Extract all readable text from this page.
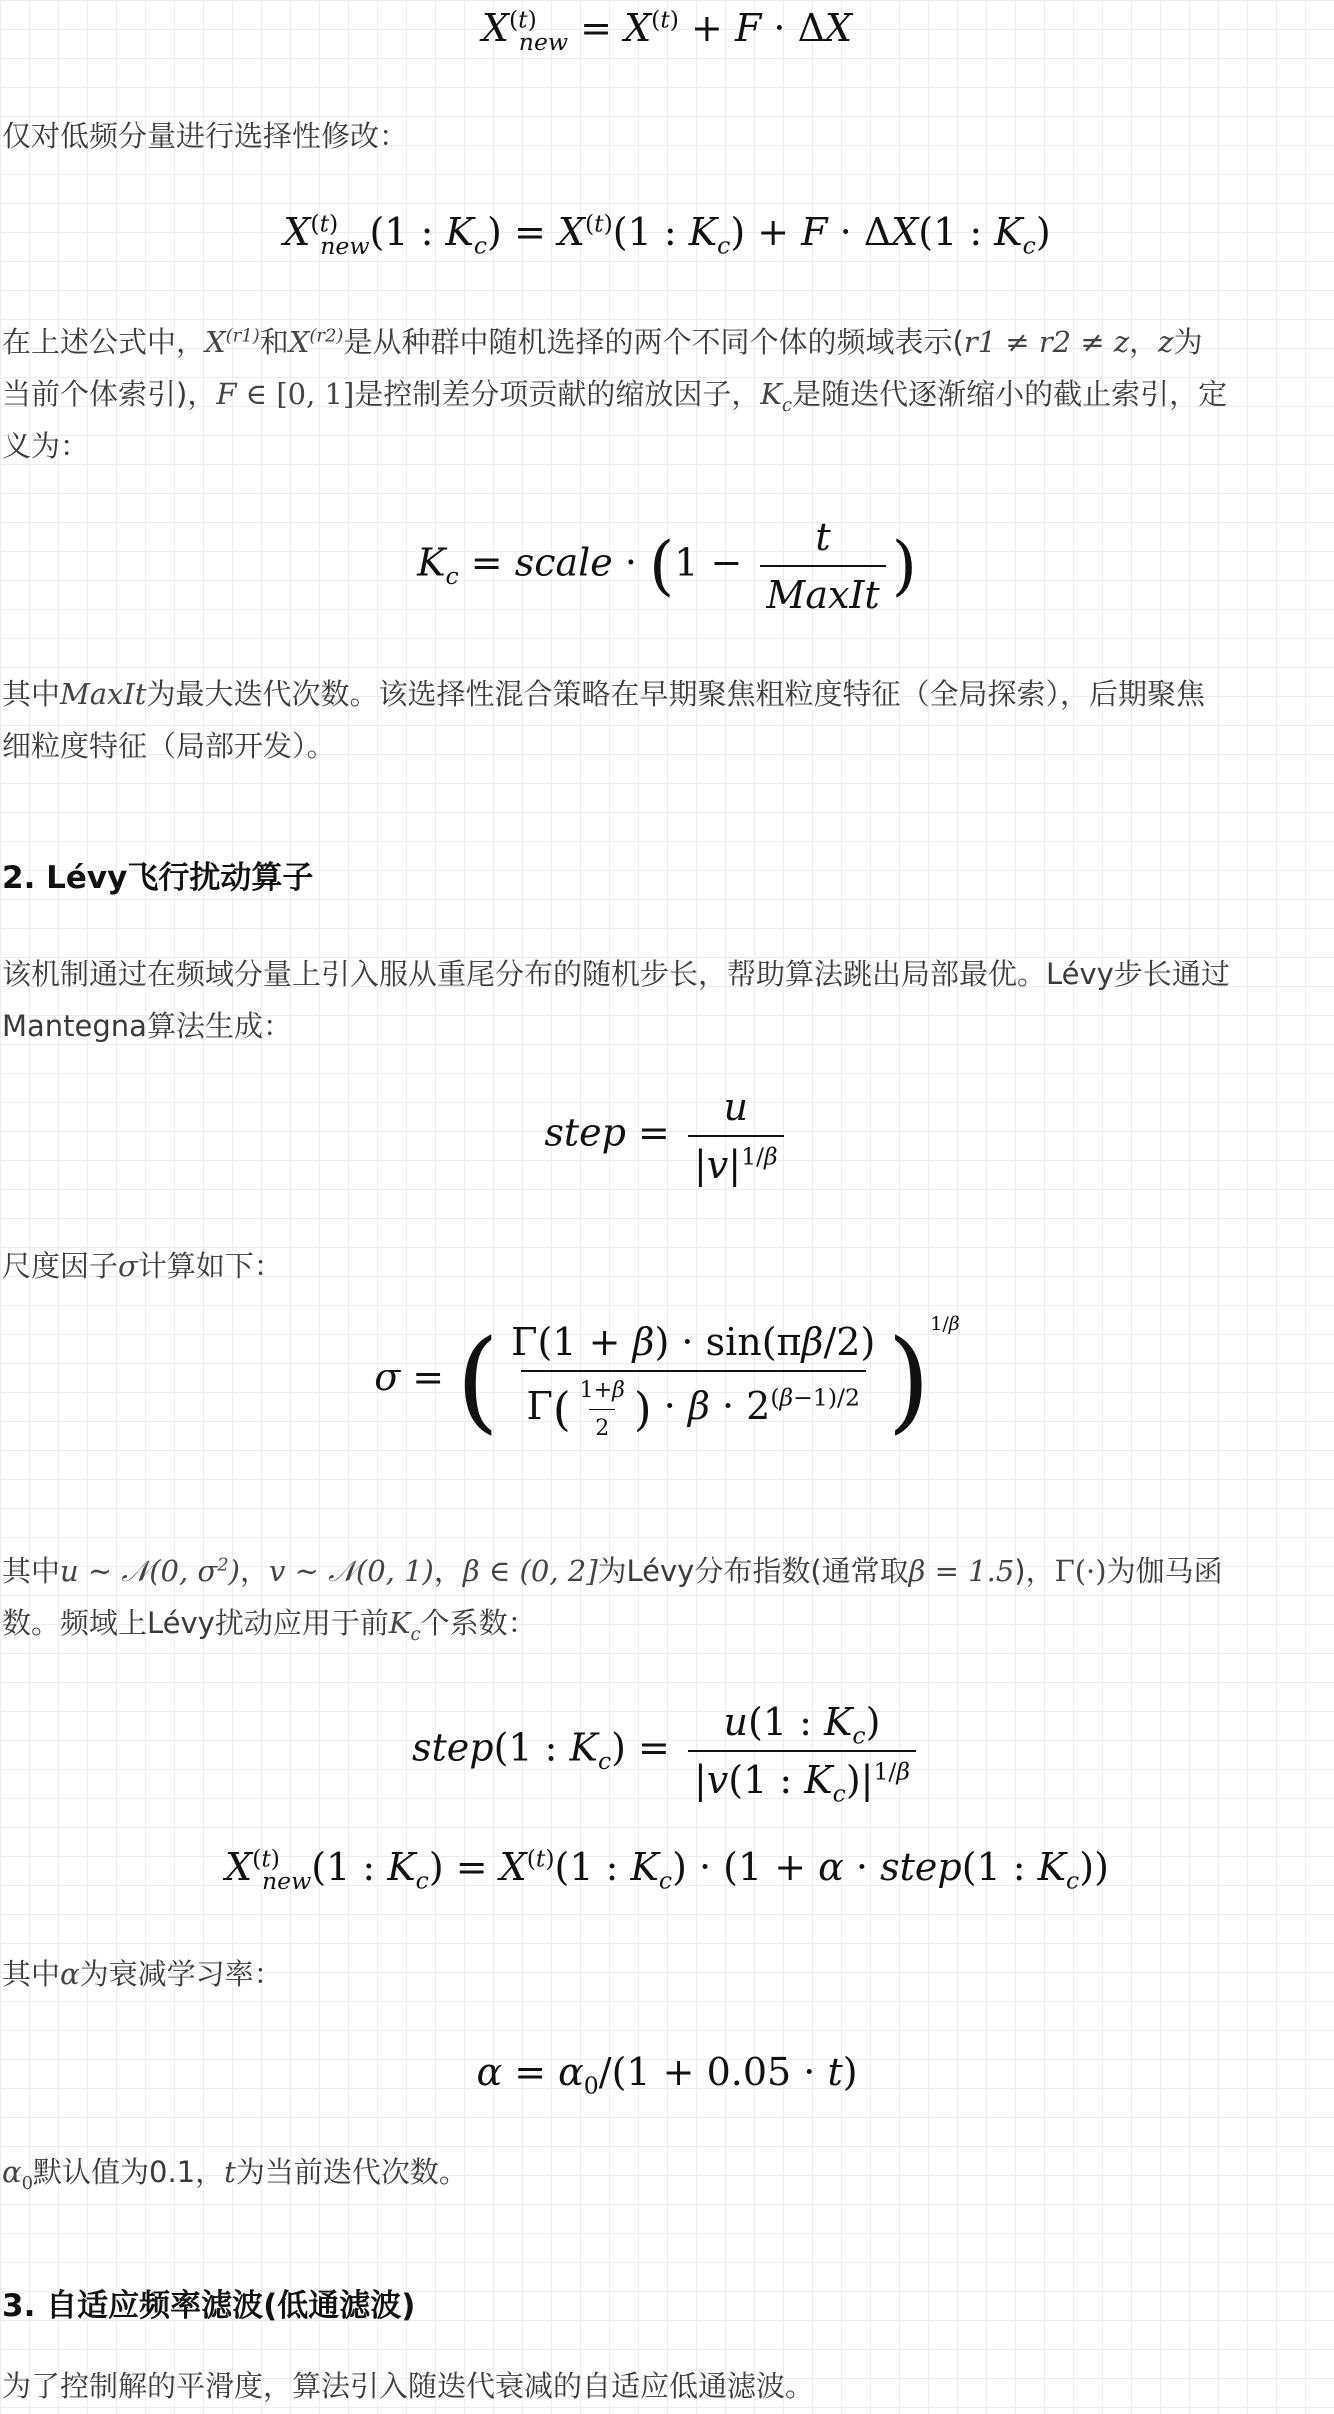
$X^{(t)}_{new} = X^{(t)} + F \cdot \Delta X$
仅对低频分量进行选择性修改：
$X^{(t)}_{new}(1$ : $K_c) = X^{(t)}(1$ : $K_c) + F \cdot \Delta X(1$ : $K_c$)
在上述公式中，$X^{(r1)}$和$X^{(r2)}$是从种群中随机选择的两个不同个体的频域表示(r1 ≠ r2 ≠ z，z为
当前个体索引)，F ∈ [0, 1]是控制差分项贡献的缩放因子，$K_c$是随迭代逐渐缩小的截止索引，定
义为：
$K_c$ = scale · ($1 - \frac{t}{\text{MaxIt}}$ )
其中MaxIt为最大迭代次数。该选择性混合策略在早期聚焦粗粒度特征（全局探索），后期聚焦
细粒度特征（局部开发）。
2. Lévy飞行扰动算子
该机制通过在频域分量上引入服从重尾分布的随机步长，帮助算法跳出局部最优。Lévy步长通过
Mantegna算法生成：
step = $\frac{u}{|v|^{1/\beta}}$
尺度因子σ计算如下：
σ = ( $\frac{\Gamma(1 + \beta) \cdot \sin(\pi\beta/2)}{\Gamma( \frac{1+\beta}{2} ) \cdot \beta \cdot 2^{(\beta-1)/2}} )^{1/\beta}$
其中u ∼ 𝒩(0, $\sigma^2$)，v ∼ 𝒩(0, 1)，β ∈ (0, 2]为Lévy分布指数(通常取β = 1.5)，Γ(·)为伽马函
数。频域上Lévy扰动应用于前$K_c$个系数：
step(1 : $K_c) = \frac{u(1 : K_c)}{|v(1 : K_c)|^{1/\beta}}$
$X^{(t)}_{new}(1$ : $K_c) = X^{(t)}(1$ : $K_c) \cdot (1 + \alpha$ · step(1 : $K_c$))
其中α为衰减学习率：
$\alpha = \alpha_0/(1 + 0.05 \cdot t)$
$\alpha_0$默认值为0.1，t为当前迭代次数。
3. 自适应频率滤波(低通滤波)
为了控制解的平滑度，算法引入随迭代衰减的自适应低通滤波。
